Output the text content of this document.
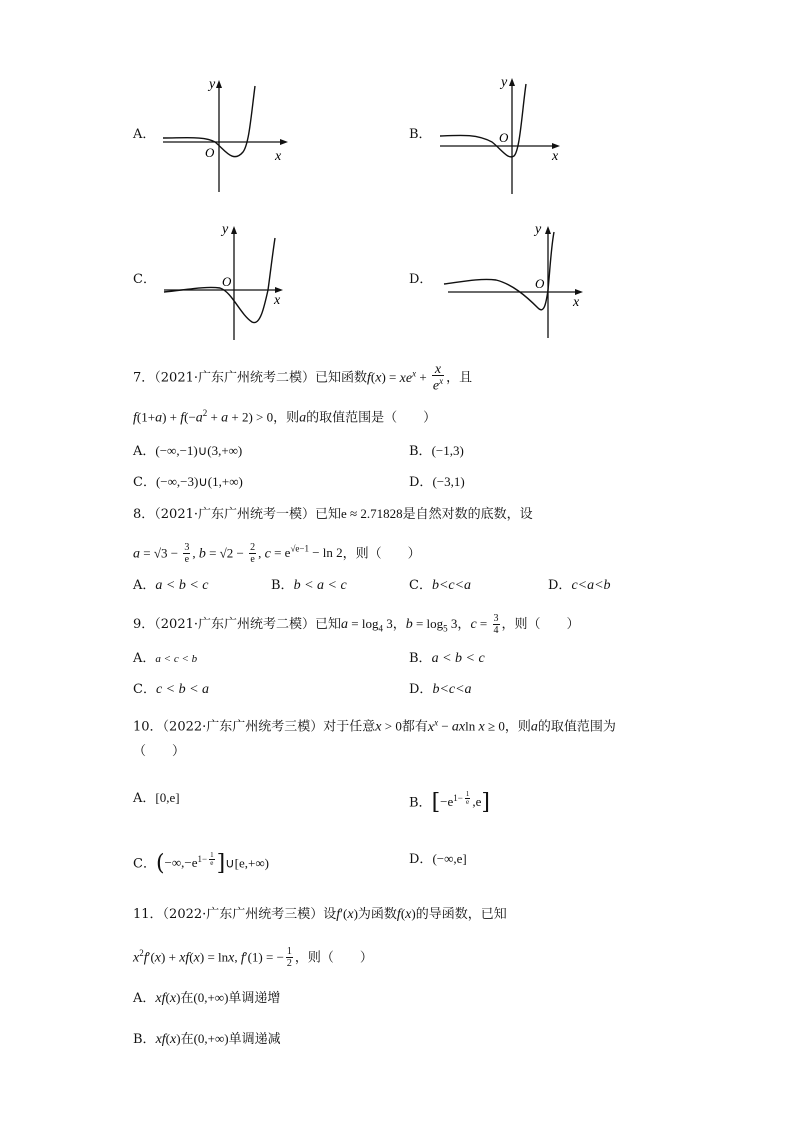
A．
y
O	x
B．
y
O
x
C．
y
O
x
D．
y
O
x
7．（2021·广东广州统考二模）已知函数$f(x) = xe^x + \frac{x}{e^x}$ ，且
$f(1+a) + f(-a^2 + a + 2) > 0$，则a的取值范围是（　　）
A．(−∞,−1)∪(3,+∞)	B．(−1,3)
C．(−∞,−3)∪(1,+∞)	D．(−3,1)
8．（2021·广东广州统考一模）已知e ≈ 2.71828是自然对数的底数，设
$a = √3 - \frac{3}{e}$ , $b = √2 - \frac{2}{e}$ , $c = e^{√e-1} - \ln 2$，则（　　）
A．a < b < c	B．b < a < c	C．b<c<a	D．c<a<b
9．（2021·广东广州统考二模）已知$a = \log_4 3$，$b = \log_5 3$，$c = \frac{3}{4}$ ，则（　　）
A．a < c < b	B．a < b < c
C．c < b < a	D．b<c<a
10．（2022·广东广州统考三模）对于任意x > 0都有$x^x - axln$ x ≥ 0，则a的取值范围为
（　　）
A．[0,e]	B．[$-e^{1- \frac{1}{e}}$ ,e]
C．($-\infty,-e^{1- \frac{1}{e}}$ ]∪[e,+∞)	D．(−∞,e]
11．（2022·广东广州统考三模）设f′(x)为函数f(x)的导函数，已知
$x^2f'(x) + xf(x) = \ln x$, f′(1) = − $\frac{1}{2}$ ，则（　　）
A．xf(x)在(0,+∞)单调递增
B．xf(x)在(0,+∞)单调递减
